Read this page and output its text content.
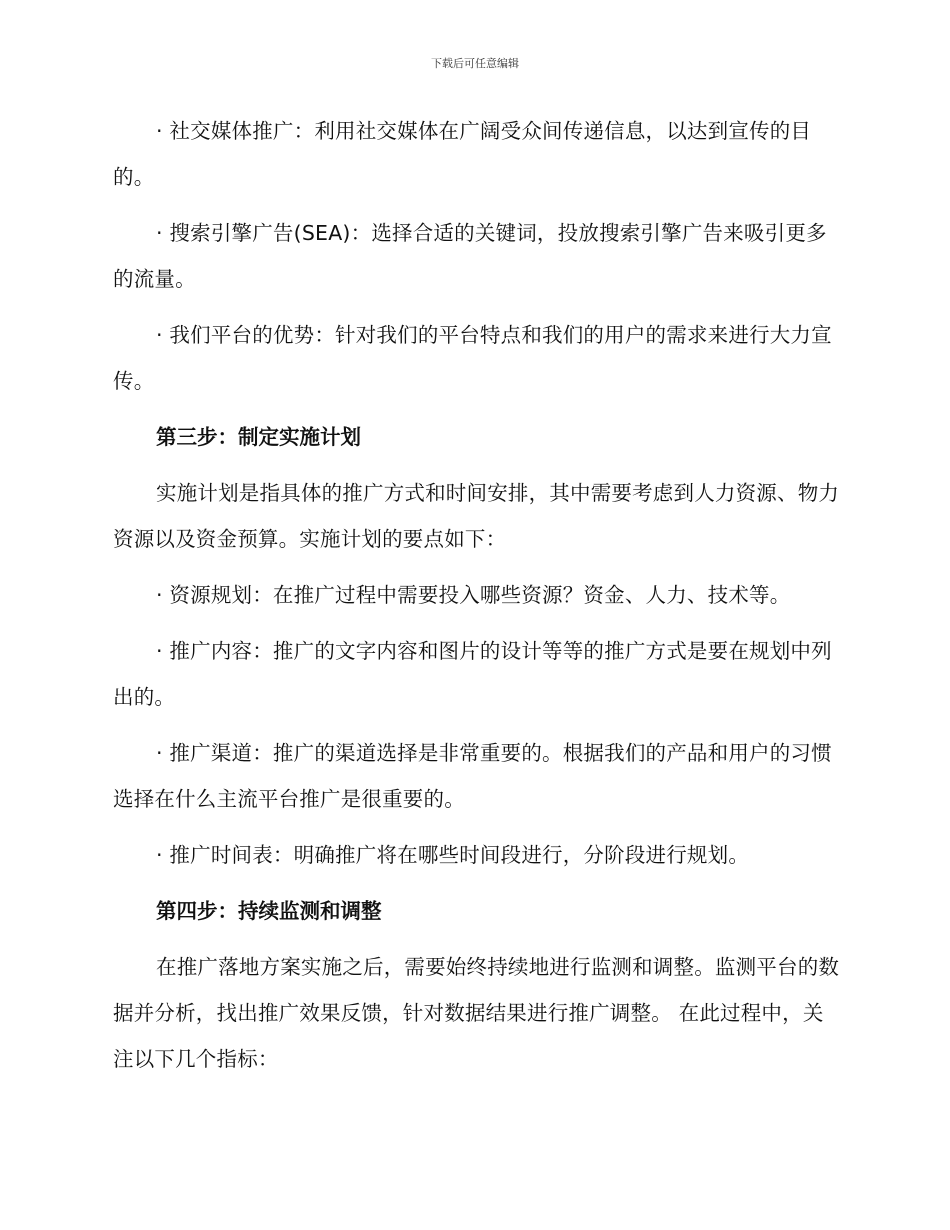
下载后可任意编辑

· 社交媒体推广：利用社交媒体在广阔受众间传递信息，以达到宣传的目的。

· 搜索引擎广告(SEA)：选择合适的关键词，投放搜索引擎广告来吸引更多的流量。

· 我们平台的优势：针对我们的平台特点和我们的用户的需求来进行大力宣传。

第三步：制定实施计划

实施计划是指具体的推广方式和时间安排，其中需要考虑到人力资源、物力资源以及资金预算。实施计划的要点如下：

· 资源规划：在推广过程中需要投入哪些资源？资金、人力、技术等。

· 推广内容：推广的文字内容和图片的设计等等的推广方式是要在规划中列出的。

· 推广渠道：推广的渠道选择是非常重要的。根据我们的产品和用户的习惯选择在什么主流平台推广是很重要的。

· 推广时间表：明确推广将在哪些时间段进行，分阶段进行规划。

第四步：持续监测和调整

在推广落地方案实施之后，需要始终持续地进行监测和调整。监测平台的数据并分析，找出推广效果反馈，针对数据结果进行推广调整。 在此过程中，关注以下几个指标：
